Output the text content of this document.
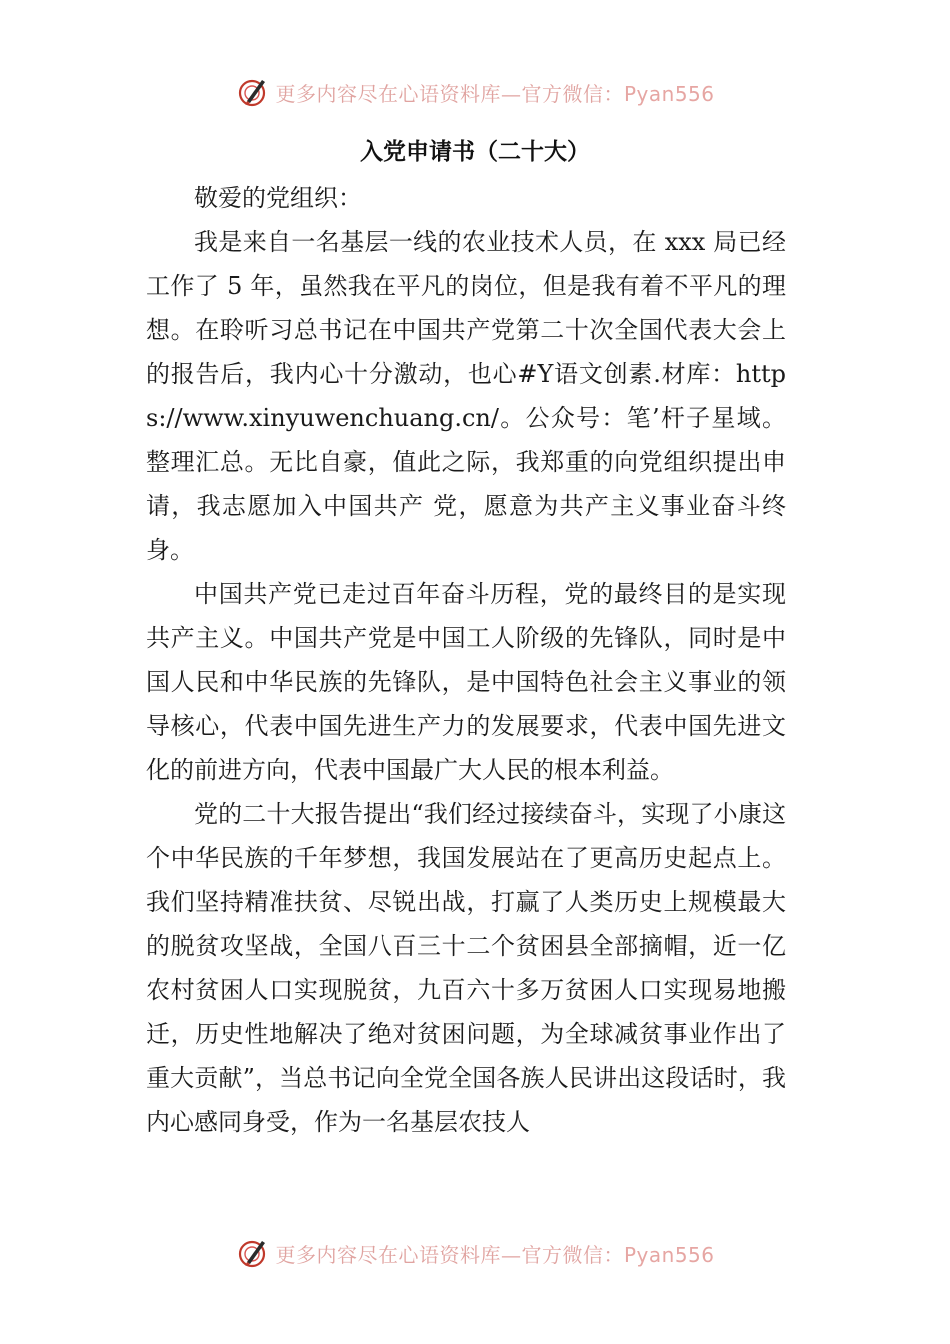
更多内容尽在心语资料库—官方微信：Pyan556
入党申请书（二十大）

敬爱的党组织：

我是来自一名基层一线的农业技术人员，在 xxx 局已经工作了 5 年，虽然我在平凡的岗位，但是我有着不平凡的理想。在聆听习总书记在中国共产党第二十次全国代表大会上的报告后，我内心十分激动，也心#Y语文创素.材库：https://www.xinyuwenchuang.cn/。公众号：笔’杆子星域。整理汇总。无比自豪，值此之际，我郑重的向党组织提出申请，我志愿加入中国共产 党，愿意为共产主义事业奋斗终身。

中国共产党已走过百年奋斗历程，党的最终目的是实现共产主义。中国共产党是中国工人阶级的先锋队，同时是中国人民和中华民族的先锋队，是中国特色社会主义事业的领导核心，代表中国先进生产力的发展要求，代表中国先进文化的前进方向，代表中国最广大人民的根本利益。

党的二十大报告提出“我们经过接续奋斗，实现了小康这个中华民族的千年梦想，我国发展站在了更高历史起点上。我们坚持精准扶贫、尽锐出战，打赢了人类历史上规模最大的脱贫攻坚战，全国八百三十二个贫困县全部摘帽，近一亿农村贫困人口实现脱贫，九百六十多万贫困人口实现易地搬迁，历史性地解决了绝对贫困问题，为全球减贫事业作出了重大贡献”，当总书记向全党全国各族人民讲出这段话时，我内心感同身受，作为一名基层农技人

更多内容尽在心语资料库—官方微信：Pyan556
